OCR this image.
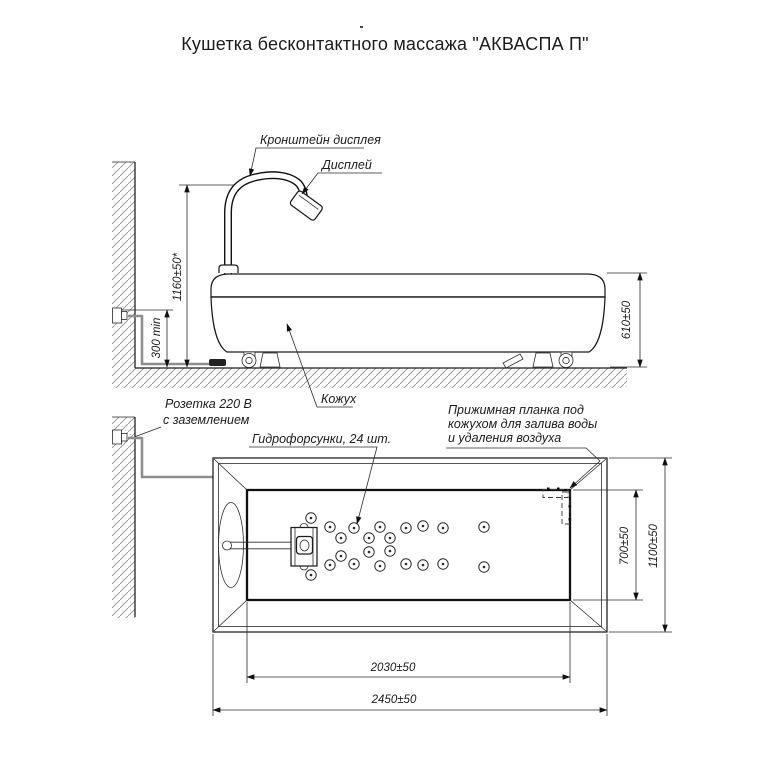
Кушетка бесконтактного массажа "АКВАСПА П"
1160±50*
300 min	610±50
Кронштейн дисплея
Дисплей
Кожух
Розетка 220 В
с заземлением
700±50 1100±50
2030±50
2450±50
Гидрофорсунки, 24 шт.
Прижимная планка под
кожухом для залива воды
и удаления воздуха
